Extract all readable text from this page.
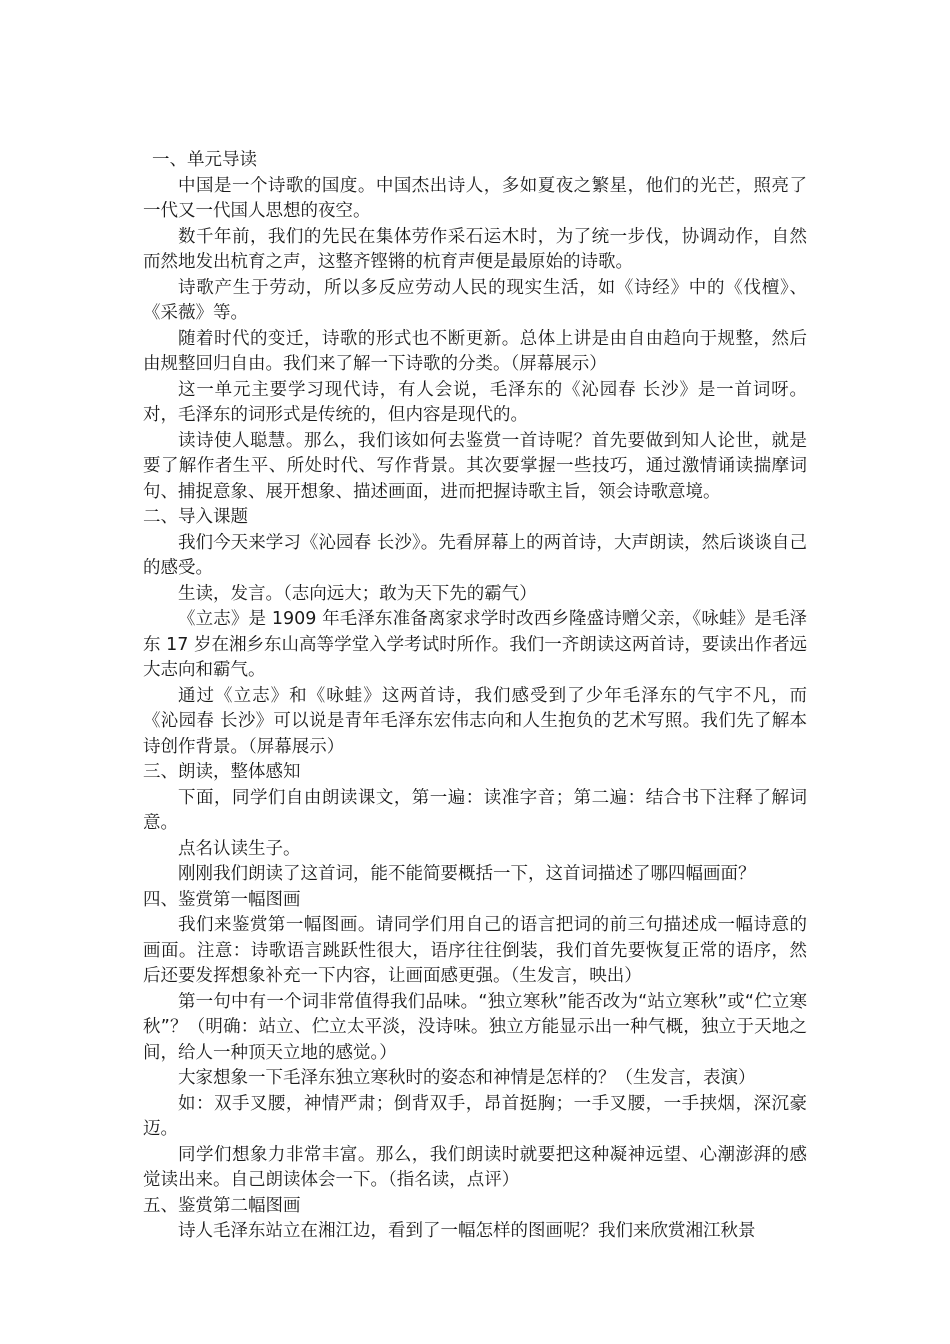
一、单元导读

中国是一个诗歌的国度。中国杰出诗人，多如夏夜之繁星，他们的光芒，照亮了一代又一代国人思想的夜空。

数千年前，我们的先民在集体劳作采石运木时，为了统一步伐，协调动作，自然而然地发出杭育之声，这整齐铿锵的杭育声便是最原始的诗歌。

诗歌产生于劳动，所以多反应劳动人民的现实生活，如《诗经》中的《伐檀》、《采薇》等。

随着时代的变迁，诗歌的形式也不断更新。总体上讲是由自由趋向于规整，然后由规整回归自由。我们来了解一下诗歌的分类。（屏幕展示）

这一单元主要学习现代诗，有人会说，毛泽东的《沁园春 长沙》是一首词呀。对，毛泽东的词形式是传统的，但内容是现代的。

读诗使人聪慧。那么，我们该如何去鉴赏一首诗呢？首先要做到知人论世，就是要了解作者生平、所处时代、写作背景。其次要掌握一些技巧，通过激情诵读揣摩词句、捕捉意象、展开想象、描述画面，进而把握诗歌主旨，领会诗歌意境。

二、导入课题

我们今天来学习《沁园春 长沙》。先看屏幕上的两首诗，大声朗读，然后谈谈自己的感受。

生读，发言。（志向远大；敢为天下先的霸气）

《立志》是 1909 年毛泽东准备离家求学时改西乡隆盛诗赠父亲，《咏蛙》是毛泽东 17 岁在湘乡东山高等学堂入学考试时所作。我们一齐朗读这两首诗，要读出作者远大志向和霸气。

通过《立志》和《咏蛙》这两首诗，我们感受到了少年毛泽东的气宇不凡，而《沁园春 长沙》可以说是青年毛泽东宏伟志向和人生抱负的艺术写照。我们先了解本诗创作背景。（屏幕展示）

三、朗读，整体感知

下面，同学们自由朗读课文，第一遍：读准字音；第二遍：结合书下注释了解词意。

点名认读生子。

刚刚我们朗读了这首词，能不能简要概括一下，这首词描述了哪四幅画面？

四、鉴赏第一幅图画

我们来鉴赏第一幅图画。请同学们用自己的语言把词的前三句描述成一幅诗意的画面。注意：诗歌语言跳跃性很大，语序往往倒装，我们首先要恢复正常的语序，然后还要发挥想象补充一下内容，让画面感更强。（生发言，映出）

第一句中有一个词非常值得我们品味。“独立寒秋”能否改为“站立寒秋”或“伫立寒秋”？（明确：站立、伫立太平淡，没诗味。独立方能显示出一种气概，独立于天地之间，给人一种顶天立地的感觉。）

大家想象一下毛泽东独立寒秋时的姿态和神情是怎样的？（生发言，表演）

如：双手叉腰，神情严肃；倒背双手，昂首挺胸；一手叉腰，一手挟烟，深沉豪迈。

同学们想象力非常丰富。那么，我们朗读时就要把这种凝神远望、心潮澎湃的感觉读出来。自己朗读体会一下。（指名读，点评）

五、鉴赏第二幅图画

诗人毛泽东站立在湘江边，看到了一幅怎样的图画呢？我们来欣赏湘江秋景
